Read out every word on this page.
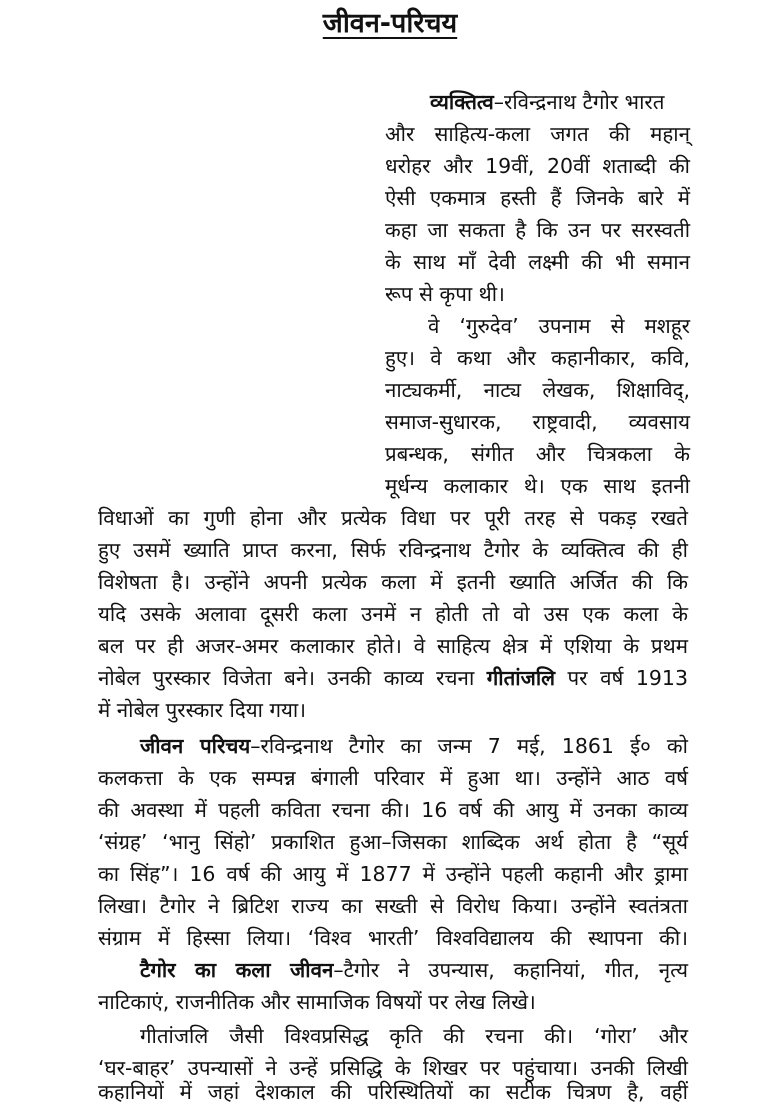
जीवन-परिचय
व्यक्तित्व–रविन्द्रनाथ टैगोर भारत
और साहित्य-कला जगत की महान्
धरोहर और 19वीं, 20वीं शताब्दी की
ऐसी एकमात्र हस्ती हैं जिनके बारे में
कहा जा सकता है कि उन पर सरस्वती
के साथ माँ देवी लक्ष्मी की भी समान
रूप से कृपा थी।
वे ‘गुरुदेव’ उपनाम से मशहूर
हुए। वे कथा और कहानीकार, कवि,
नाट्यकर्मी, नाट्य लेखक, शिक्षाविद्,
समाज-सुधारक, राष्ट्रवादी, व्यवसाय
प्रबन्धक, संगीत और चित्रकला के
मूर्धन्य कलाकार थे। एक साथ इतनी
विधाओं का गुणी होना और प्रत्येक विधा पर पूरी तरह से पकड़ रखते
हुए उसमें ख्याति प्राप्त करना, सिर्फ रविन्द्रनाथ टैगोर के व्यक्तित्व की ही
विशेषता है। उन्होंने अपनी प्रत्येक कला में इतनी ख्याति अर्जित की कि
यदि उसके अलावा दूसरी कला उनमें न होती तो वो उस एक कला के
बल पर ही अजर-अमर कलाकार होते। वे साहित्य क्षेत्र में एशिया के प्रथम
नोबेल पुरस्कार विजेता बने। उनकी काव्य रचना गीतांजलि पर वर्ष 1913
में नोबेल पुरस्कार दिया गया।
जीवन परिचय–रविन्द्रनाथ टैगोर का जन्म 7 मई, 1861 ई० को
कलकत्ता के एक सम्पन्न बंगाली परिवार में हुआ था। उन्होंने आठ वर्ष
की अवस्था में पहली कविता रचना की। 16 वर्ष की आयु में उनका काव्य
‘संग्रह’ ‘भानु सिंहो’ प्रकाशित हुआ–जिसका शाब्दिक अर्थ होता है “सूर्य
का सिंह”। 16 वर्ष की आयु में 1877 में उन्होंने पहली कहानी और ड्रामा
लिखा। टैगोर ने ब्रिटिश राज्य का सख्ती से विरोध किया। उन्होंने स्वतंत्रता
संग्राम में हिस्सा लिया। ‘विश्व भारती’ विश्वविद्यालय की स्थापना की।
टैगोर का कला जीवन–टैगोर ने उपन्यास, कहानियां, गीत, नृत्य
नाटिकाएं, राजनीतिक और सामाजिक विषयों पर लेख लिखे।
गीतांजलि जैसी विश्वप्रसिद्ध कृति की रचना की। ‘गोरा’ और
‘घर-बाहर’ उपन्यासों ने उन्हें प्रसिद्धि के शिखर पर पहुंचाया। उनकी लिखी
कहानियों में जहां देशकाल की परिस्थितियों का सटीक चित्रण है, वहीं
